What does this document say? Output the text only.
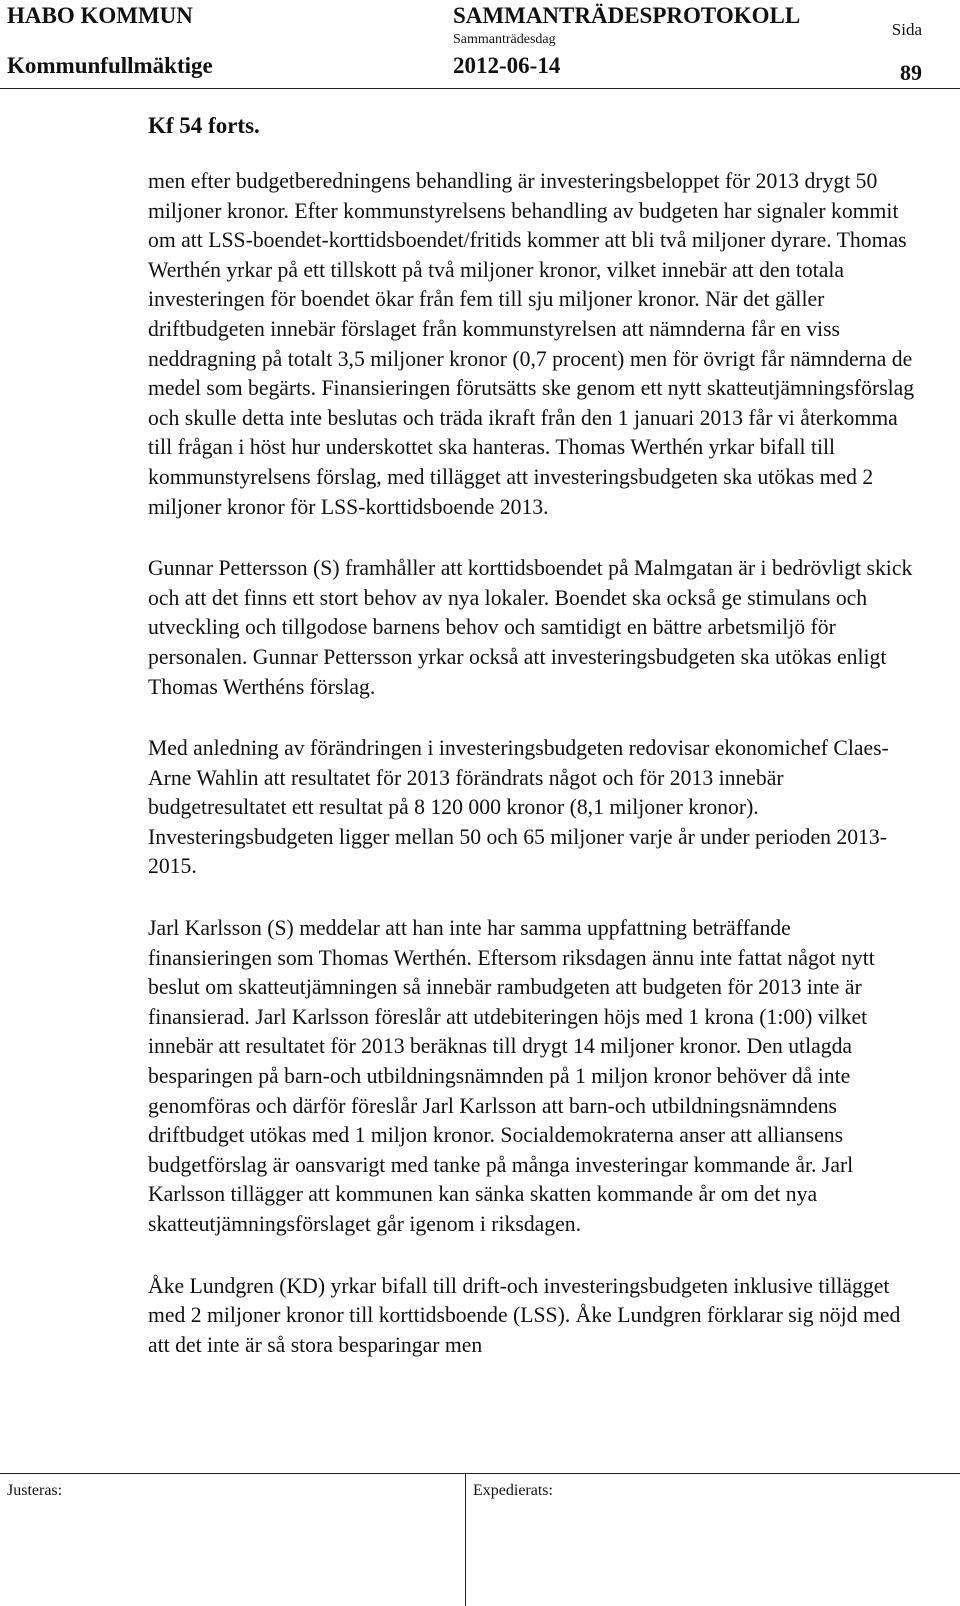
HABO KOMMUN
Kommunfullmäktige
SAMMANTRÄDESPROTOKOLL
Sammanträdesdag
2012-06-14
Sida
89
Kf 54 forts.

men efter budgetberedningens behandling är investeringsbeloppet för 2013 drygt 50 miljoner kronor. Efter kommunstyrelsens behandling av budgeten har signaler kommit om att LSS-boendet-korttidsboendet/fritids kommer att bli två miljoner dyrare. Thomas Werthén yrkar på ett tillskott på två miljoner kronor, vilket innebär att den totala investeringen för boendet ökar från fem till sju miljoner kronor. När det gäller driftbudgeten innebär förslaget från kommunstyrelsen att nämnderna får en viss neddragning på totalt 3,5 miljoner kronor (0,7 procent) men för övrigt får nämnderna de medel som begärts. Finansieringen förutsätts ske genom ett nytt skatteutjämningsförslag och skulle detta inte beslutas och träda ikraft från den 1 januari 2013 får vi återkomma till frågan i höst hur underskottet ska hanteras. Thomas Werthén yrkar bifall till kommunstyrelsens förslag, med tillägget att investeringsbudgeten ska utökas med 2 miljoner kronor för LSS-korttidsboende 2013.

Gunnar Pettersson (S) framhåller att korttidsboendet på Malmgatan är i bedrövligt skick och att det finns ett stort behov av nya lokaler. Boendet ska också ge stimulans och utveckling och tillgodose barnens behov och samtidigt en bättre arbetsmiljö för personalen. Gunnar Pettersson yrkar också att investeringsbudgeten ska utökas enligt Thomas Werthéns förslag.

Med anledning av förändringen i investeringsbudgeten redovisar ekonomichef Claes-Arne Wahlin att resultatet för 2013 förändrats något och för 2013 innebär budgetresultatet ett resultat på 8 120 000 kronor (8,1 miljoner kronor). Investeringsbudgeten ligger mellan 50 och 65 miljoner varje år under perioden 2013-2015.

Jarl Karlsson (S) meddelar att han inte har samma uppfattning beträffande finansieringen som Thomas Werthén. Eftersom riksdagen ännu inte fattat något nytt beslut om skatteutjämningen så innebär rambudgeten att budgeten för 2013 inte är finansierad. Jarl Karlsson föreslår att utdebiteringen höjs med 1 krona (1:00) vilket innebär att resultatet för 2013 beräknas till drygt 14 miljoner kronor. Den utlagda besparingen på barn-och utbildningsnämnden på 1 miljon kronor behöver då inte genomföras och därför föreslår Jarl Karlsson att barn-och utbildningsnämndens driftbudget utökas med 1 miljon kronor. Socialdemokraterna anser att alliansens budgetförslag är oansvarigt med tanke på många investeringar kommande år. Jarl Karlsson tillägger att kommunen kan sänka skatten kommande år om det nya skatteutjämningsförslaget går igenom i riksdagen.

Åke Lundgren (KD) yrkar bifall till drift-och investeringsbudgeten inklusive tillägget med 2 miljoner kronor till korttidsboende (LSS). Åke Lundgren förklarar sig nöjd med att det inte är så stora besparingar men

Justeras:	Expedierats:
